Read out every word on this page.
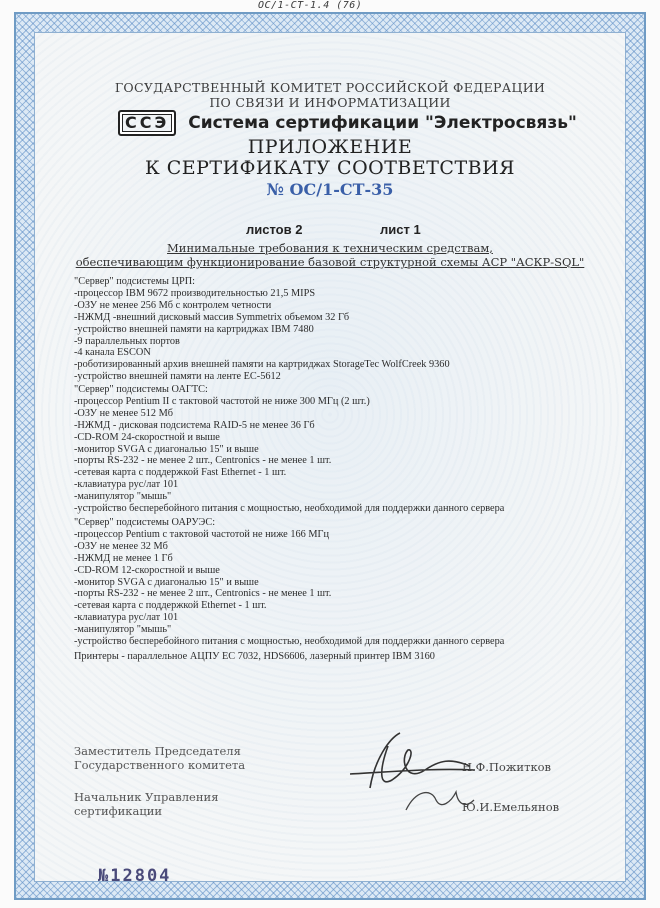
ОС/1-СТ-1.4 (76)
ГОСУДАРСТВЕННЫЙ КОМИТЕТ РОССИЙСКОЙ ФЕДЕРАЦИИ
ПО СВЯЗИ И ИНФОРМАТИЗАЦИИ
ССЭ	Система сертификации "Электросвязь"
ПРИЛОЖЕНИЕ
К СЕРТИФИКАТУ СООТВЕТСТВИЯ
№ ОС/1-СТ-35
листов 2	лист 1
Минимальные требования к техническим средствам,
обеспечивающим функционирование базовой структурной схемы АСР "АСКР-SQL"
"Сервер" подсистемы ЦРП:
-процессор IBM 9672 производительностью 21,5 MIPS
-ОЗУ не менее 256 Мб с контролем четности
-НЖМД -внешний дисковый массив Symmetrix объемом 32 Гб
-устройство внешней памяти на картриджах IBM 7480
-9 параллельных портов
-4 канала ESCON
-роботизированный архив внешней памяти на картриджах StorageTec WolfCreek 9360
-устройство внешней памяти на ленте ЕС-5612
"Сервер" подсистемы ОАГТС:
-процессор Pentium II с тактовой частотой не ниже 300 МГц (2 шт.)
-ОЗУ не менее 512 Мб
-НЖМД - дисковая подсистема RAID-5 не менее 36 Гб
-CD-ROM 24-скоростной и выше
-монитор SVGA с диагональю 15" и выше
-порты RS-232 - не менее 2 шт., Centronics - не менее 1 шт.
-сетевая карта с поддержкой Fast Ethernet - 1 шт.
-клавиатура рус/лат 101
-манипулятор "мышь"
-устройство бесперебойного питания с мощностью, необходимой для поддержки данного сервера
"Сервер" подсистемы ОАРУЭС:
-процессор Pentium с тактовой частотой не ниже 166 МГц
-ОЗУ не менее 32 Мб
-НЖМД не менее 1 Гб
-CD-ROM 12-скоростной и выше
-монитор SVGA с диагональю 15" и выше
-порты RS-232 - не менее 2 шт., Centronics - не менее 1 шт.
-сетевая карта с поддержкой Ethernet - 1 шт.
-клавиатура рус/лат 101
-манипулятор "мышь"
-устройство бесперебойного питания с мощностью, необходимой для поддержки данного сервера
Принтеры - параллельное АЦПУ ЕС 7032, HDS6606, лазерный принтер IBM 3160
Заместитель Председателя
Государственного комитета	Н.Ф.Пожитков
Начальник Управления
сертификации	Ю.И.Емельянов
№12804
